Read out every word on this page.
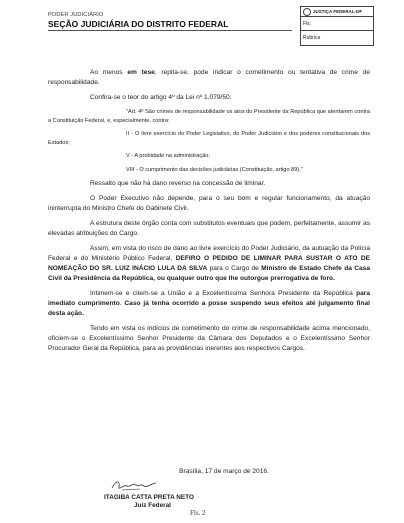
PODER JUDICIÁRIO
SEÇÃO JUDICIÁRIA DO DISTRITO FEDERAL
JUSTIÇA FEDERAL-DF
Fls.
Rubrica

Ao menos em tese, repita-se, pode indicar o cometimento ou tentativa de crime de responsabilidade.

Confira-se o teor do artigo 4º da Lei nº 1.079/50:

"Art. 4º São crimes de responsabilidade os atos do Presidente da República que atentarem contra a Constituição Federal, e, especialmente, contra:

II - O livre exercício do Poder Legislativo, do Poder Judiciário e dos poderes constitucionais dos Estados;

V - A probidade na administração;

VIII - O cumprimento das decisões judiciárias (Constituição, artigo 89)."

Ressalto que não há dano reverso na concessão de liminar.

O Poder Executivo não depende, para o seu bom e regular funcionamento, da atuação ininterrupta do Ministro Chefe do Gabinete Civil.

A estrutura deste órgão conta com substitutos eventuais que podem, perfeitamente, assumir as elevadas atribuições do Cargo.

Assim, em vista do risco de dano ao livre exercício do Poder Judiciário, da autuação da Polícia Federal e do Ministério Público Federal, DEFIRO O PEDIDO DE LIMINAR PARA SUSTAR O ATO DE NOMEAÇÃO DO SR. LUIZ INÁCIO LULA DA SILVA para o Cargo de Ministro de Estado Chefe da Casa Civil da Presidência da República, ou qualquer outro que lhe outorgue prerrogativa de foro.

Intimem-se e citem-se a União e a Excelentíssima Senhora Presidente da República para imediato cumprimento. Caso já tenha ocorrido a posse suspendo seus efeitos até julgamento final desta ação.

Tendo em vista os indícios de cometimento do crime de responsabilidade acima mencionado, oficiem-se o Excelentíssimo Senhor Presidente da Câmara dos Deputados e o Excelentíssimo Senhor Procurador Geral da República, para as providências inerentes aos respectivos Cargos.

Brasília, 17 de março de 2016.
ITAGIBA CATTA PRETA NETO
Juiz Federal
Fls. 2
